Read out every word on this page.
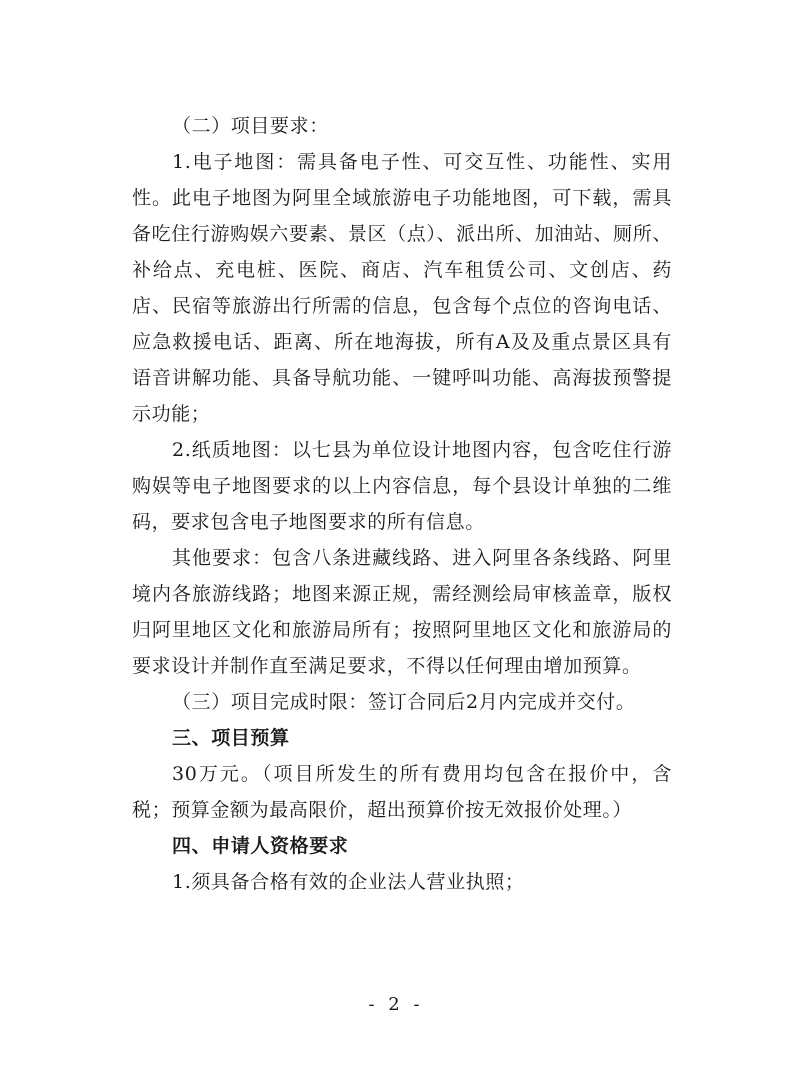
（二）项目要求：

1.电子地图：需具备电子性、可交互性、功能性、实用性。此电子地图为阿里全域旅游电子功能地图，可下载，需具备吃住行游购娱六要素、景区（点）、派出所、加油站、厕所、补给点、充电桩、医院、商店、汽车租赁公司、文创店、药店、民宿等旅游出行所需的信息，包含每个点位的咨询电话、应急救援电话、距离、所在地海拔，所有A及及重点景区具有语音讲解功能、具备导航功能、一键呼叫功能、高海拔预警提示功能；

2.纸质地图：以七县为单位设计地图内容，包含吃住行游购娱等电子地图要求的以上内容信息，每个县设计单独的二维码，要求包含电子地图要求的所有信息。

其他要求：包含八条进藏线路、进入阿里各条线路、阿里境内各旅游线路；地图来源正规，需经测绘局审核盖章，版权归阿里地区文化和旅游局所有；按照阿里地区文化和旅游局的要求设计并制作直至满足要求，不得以任何理由增加预算。

（三）项目完成时限：签订合同后2月内完成并交付。

三、项目预算

30万元。（项目所发生的所有费用均包含在报价中，含税；预算金额为最高限价，超出预算价按无效报价处理。）

四、申请人资格要求

1.须具备合格有效的企业法人营业执照；

- 2 -
